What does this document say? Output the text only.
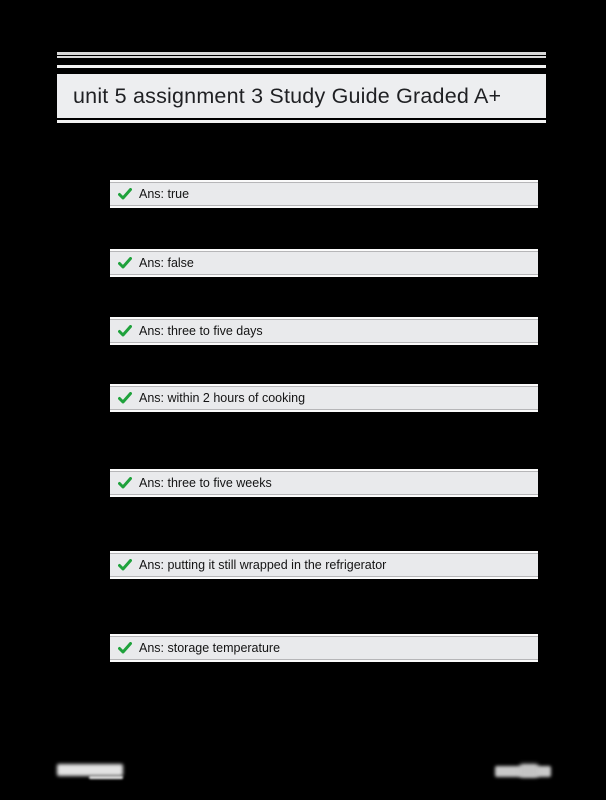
unit 5 assignment 3 Study Guide Graded A+
Ans: true
Ans: false
Ans: three to five days
Ans: within 2 hours of cooking
Ans: three to five weeks
Ans: putting it still wrapped in the refrigerator
Ans: storage temperature
